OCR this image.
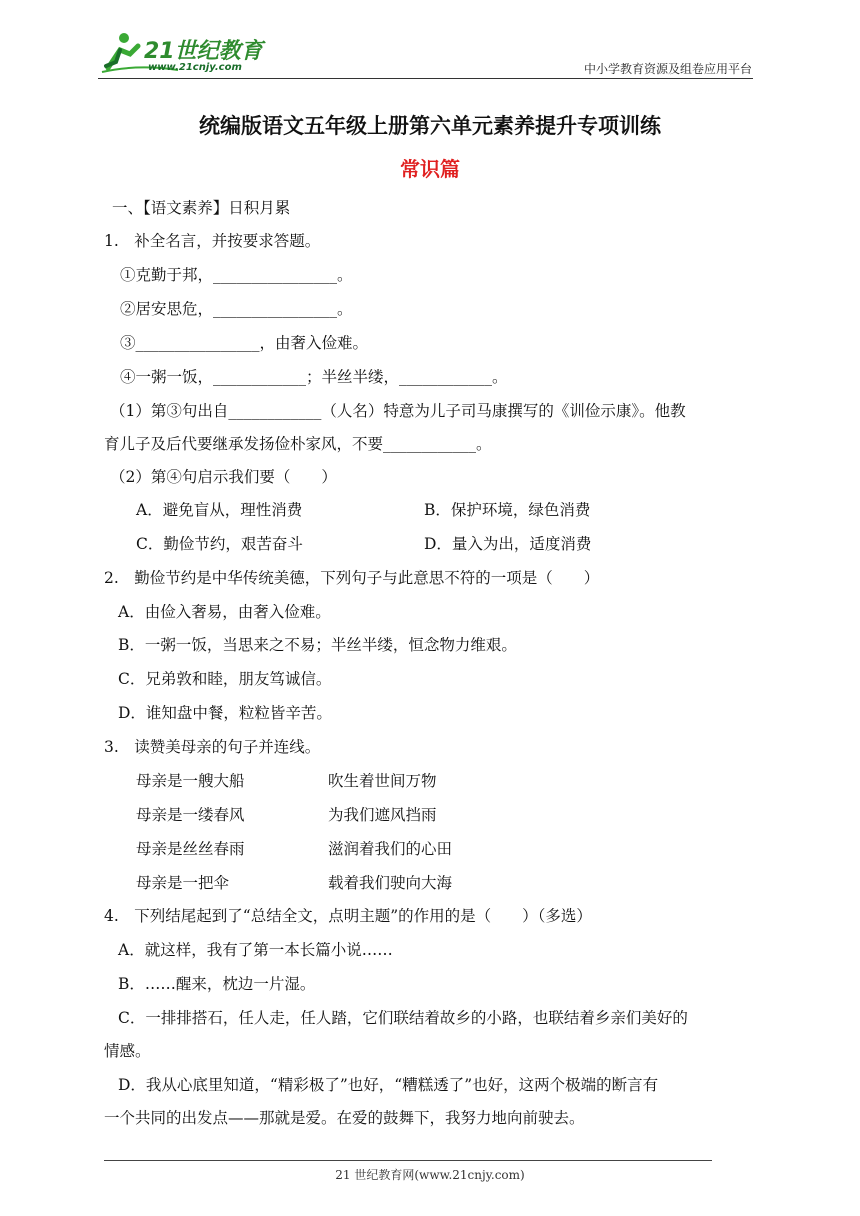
21世纪教育
www.21cnjy.com	中小学教育资源及组卷应用平台
统编版语文五年级上册第六单元素养提升专项训练
常识篇
一、【语文素养】日积月累
1.　补全名言，并按要求答题。
①克勤于邦，________________。
②居安思危，________________。
③________________，由奢入俭难。
④一粥一饭，____________；半丝半缕，____________。
（1）第③句出自____________（人名）特意为儿子司马康撰写的《训俭示康》。他教
育儿子及后代要继承发扬俭朴家风，不要____________。
（2）第④句启示我们要（　　）
A．避免盲从，理性消费	B．保护环境，绿色消费
C．勤俭节约，艰苦奋斗	D．量入为出，适度消费
2.　勤俭节约是中华传统美德，下列句子与此意思不符的一项是（　　）
A．由俭入奢易，由奢入俭难。
B．一粥一饭，当思来之不易；半丝半缕，恒念物力维艰。
C．兄弟敦和睦，朋友笃诚信。
D．谁知盘中餐，粒粒皆辛苦。
3.　读赞美母亲的句子并连线。
母亲是一艘大船	吹生着世间万物
母亲是一缕春风	为我们遮风挡雨
母亲是丝丝春雨	滋润着我们的心田
母亲是一把伞	载着我们驶向大海
4.　下列结尾起到了“总结全文，点明主题”的作用的是（　　）（多选）
A．就这样，我有了第一本长篇小说……
B．……醒来，枕边一片湿。
C．一排排搭石，任人走，任人踏，它们联结着故乡的小路，也联结着乡亲们美好的
情感。
D．我从心底里知道，“精彩极了”也好，“糟糕透了”也好，这两个极端的断言有
一个共同的出发点——那就是爱。在爱的鼓舞下，我努力地向前驶去。
21 世纪教育网(www.21cnjy.com)
